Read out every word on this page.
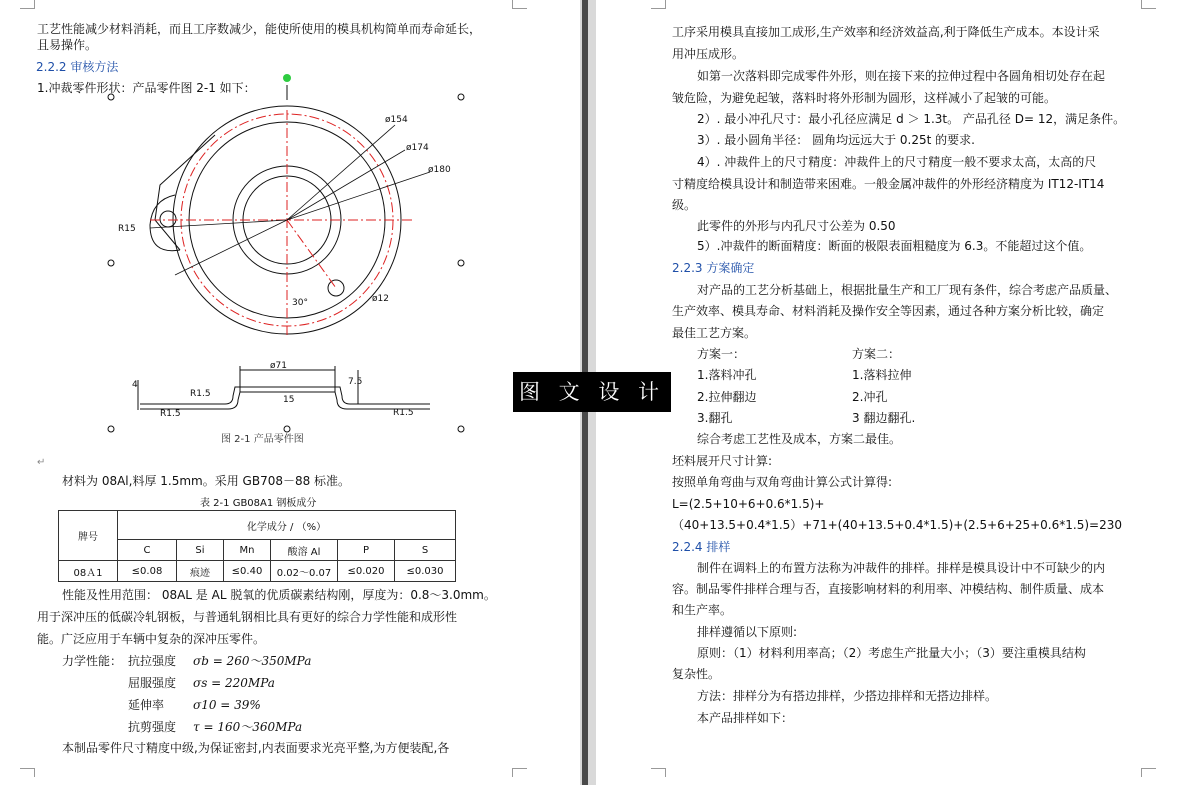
工艺性能减少材料消耗，而且工序数减少，能使所使用的模具机构简单而寿命延长，
且易操作。
2.2.2 审核方法
1.冲裁零件形状：产品零件图 2-1 如下：
ø154
ø174
ø180
R15
ø12
30°
ø71
4	7.5
15
R1.5
R1.5	R1.5
图 2-1 产品零件图
↵
材料为 08Al,料厚 1.5mm。采用 GB708－88 标准。
表 2-1 GB08A1 钢板成分
牌号	化学成分 / （%）					
	C	Si	Mn	酸溶 Al	P	S
08Ａ1	≤0.08	痕迹	≤0.40	0.02～0.07	≤0.020	≤0.030
性能及性用范围： 08AL 是 AL 脱氧的优质碳素结构刚，厚度为：0.8～3.0mm。
用于深冲压的低碳冷轧钢板，与普通轧钢相比具有更好的综合力学性能和成形性
能。广泛应用于车辆中复杂的深冲压零件。
力学性能： 抗拉强度 σb = 260～350MPa
屈服强度 σs = 220MPa
延伸率 σ10 = 39%
抗剪强度 τ = 160～360MPa
本制品零件尺寸精度中级,为保证密封,内表面要求光亮平整,为方便装配,各
工序采用模具直接加工成形,生产效率和经济效益高,利于降低生产成本。本设计采
用冲压成形。
如第一次落料即完成零件外形，则在接下来的拉伸过程中各圆角相切处存在起
皱危险，为避免起皱，落料时将外形制为圆形，这样减小了起皱的可能。
2）. 最小冲孔尺寸：最小孔径应满足 d ＞ 1.3t。 产品孔径 D= 12，满足条件。
3）. 最小圆角半径： 圆角均远远大于 0.25t 的要求.
4）. 冲裁件上的尺寸精度：冲裁件上的尺寸精度一般不要求太高，太高的尺
寸精度给模具设计和制造带来困难。一般金属冲裁件的外形经济精度为 IT12-IT14
级。
此零件的外形与内孔尺寸公差为 0.50
5）.冲裁件的断面精度：断面的极限表面粗糙度为 6.3。不能超过这个值。
2.2.3 方案确定
对产品的工艺分析基础上，根据批量生产和工厂现有条件，综合考虑产品质量、
生产效率、模具寿命、材料消耗及操作安全等因素，通过各种方案分析比较，确定
最佳工艺方案。
方案一：	方案二：
1.落料冲孔	1.落料拉伸
2.拉伸翻边	2.冲孔
3.翻孔	3 翻边翻孔.
综合考虑工艺性及成本，方案二最佳。
坯料展开尺寸计算:
按照单角弯曲与双角弯曲计算公式计算得:
L=(2.5+10+6+0.6*1.5)+
（40+13.5+0.4*1.5）+71+(40+13.5+0.4*1.5)+(2.5+6+25+0.6*1.5)=230
2.2.4 排样
制件在调料上的布置方法称为冲裁件的排样。排样是模具设计中不可缺少的内
容。制品零件排样合理与否，直接影响材料的利用率、冲模结构、制件质量、成本
和生产率。
排样遵循以下原则:
原则：（1）材料利用率高；（2）考虑生产批量大小；（3）要注重模具结构
复杂性。
方法：排样分为有搭边排样，少搭边排样和无搭边排样。
本产品排样如下：
图 文 设 计
